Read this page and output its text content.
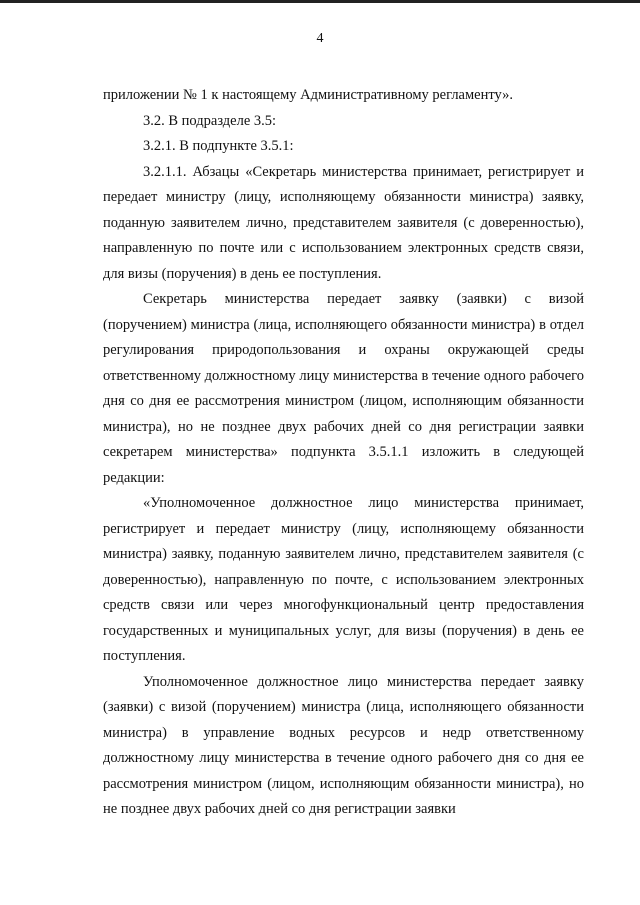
4

приложении № 1 к настоящему Административному регламенту».

3.2. В подразделе 3.5:

3.2.1. В подпункте 3.5.1:

3.2.1.1. Абзацы «Секретарь министерства принимает, регистрирует и передает министру (лицу, исполняющему обязанности министра) заявку, поданную заявителем лично, представителем заявителя (с доверенностью), направленную по почте или с использованием электронных средств связи, для визы (поручения) в день ее поступления.

Секретарь министерства передает заявку (заявки) с визой (поручением) министра (лица, исполняющего обязанности министра) в отдел регулирования природопользования и охраны окружающей среды ответственному должностному лицу министерства в течение одного рабочего дня со дня ее рассмотрения министром (лицом, исполняющим обязанности министра), но не позднее двух рабочих дней со дня регистрации заявки секретарем министерства» подпункта 3.5.1.1 изложить в следующей редакции:

«Уполномоченное должностное лицо министерства принимает, регистрирует и передает министру (лицу, исполняющему обязанности министра) заявку, поданную заявителем лично, представителем заявителя (с доверенностью), направленную по почте, с использованием электронных средств связи или через многофункциональный центр предоставления государственных и муниципальных услуг, для визы (поручения) в день ее поступления.

Уполномоченное должностное лицо министерства передает заявку (заявки) с визой (поручением) министра (лица, исполняющего обязанности министра) в управление водных ресурсов и недр ответственному должностному лицу министерства в течение одного рабочего дня со дня ее рассмотрения министром (лицом, исполняющим обязанности министра), но не позднее двух рабочих дней со дня регистрации заявки
